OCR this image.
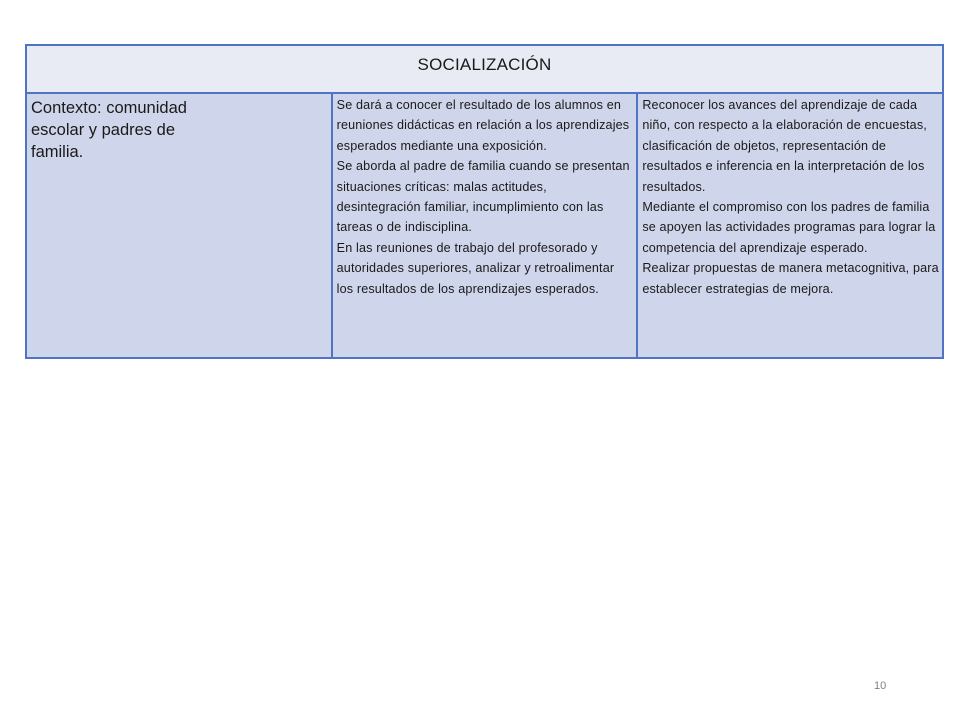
SOCIALIZACIÓN

Contexto: comunidad
escolar y padres de
familia.

Se dará a conocer el resultado de los alumnos en reuniones didácticas en relación a los aprendizajes esperados mediante una exposición.
Se aborda al padre de familia cuando se presentan situaciones críticas: malas actitudes, desintegración familiar, incumplimiento con las tareas o de indisciplina.
En las reuniones de trabajo del profesorado y autoridades superiores, analizar y retroalimentar los resultados de los aprendizajes esperados.

Reconocer los avances del aprendizaje de cada niño, con respecto a la elaboración de encuestas, clasificación de objetos, representación de resultados e inferencia en la interpretación de los resultados.
Mediante el compromiso con los padres de familia se apoyen las actividades programas para lograr la competencia del aprendizaje esperado.
Realizar propuestas de manera metacognitiva, para establecer estrategias de mejora.
10
